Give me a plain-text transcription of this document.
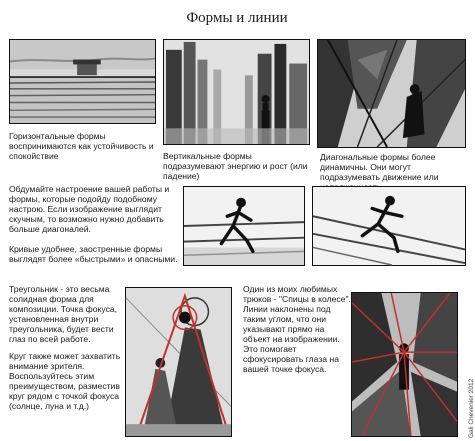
Формы и линии
Горизонтальные формы воспринимаются как устойчивость и спокойствие	Вертикальные формы подразумевают энергию и рост (или падение)
Диагональные формы более динамичны. Они могут подразумевать движение или
Обдумайте настроение вашей работы и формы, которые подойду подобному настрою. Если изображение выглядит скучным, то возможно нужно добавить больше диагоналей.
Кривые удобнее, заостренные формы выглядят более «быстрыми» и опасными.
Треугольник - это весьма солидная форма для композиции. Точка фокуса, установленная внутри треугольника, будет вести глаз по всей работе.
Круг также может захватить внимание зрителя. Воспользуйтесь этим преимуществом, разместив круг рядом с точкой фокуса (солнце, луна и т.д.)
Один из моих любимых трюков - "Спицы в колесе". Линии наклонены под таким углом, что они указывают прямо на объект на изображении. Это помогает сфокусировать глаза на вашей точке фокуса.
Gali Chevenier 2012
